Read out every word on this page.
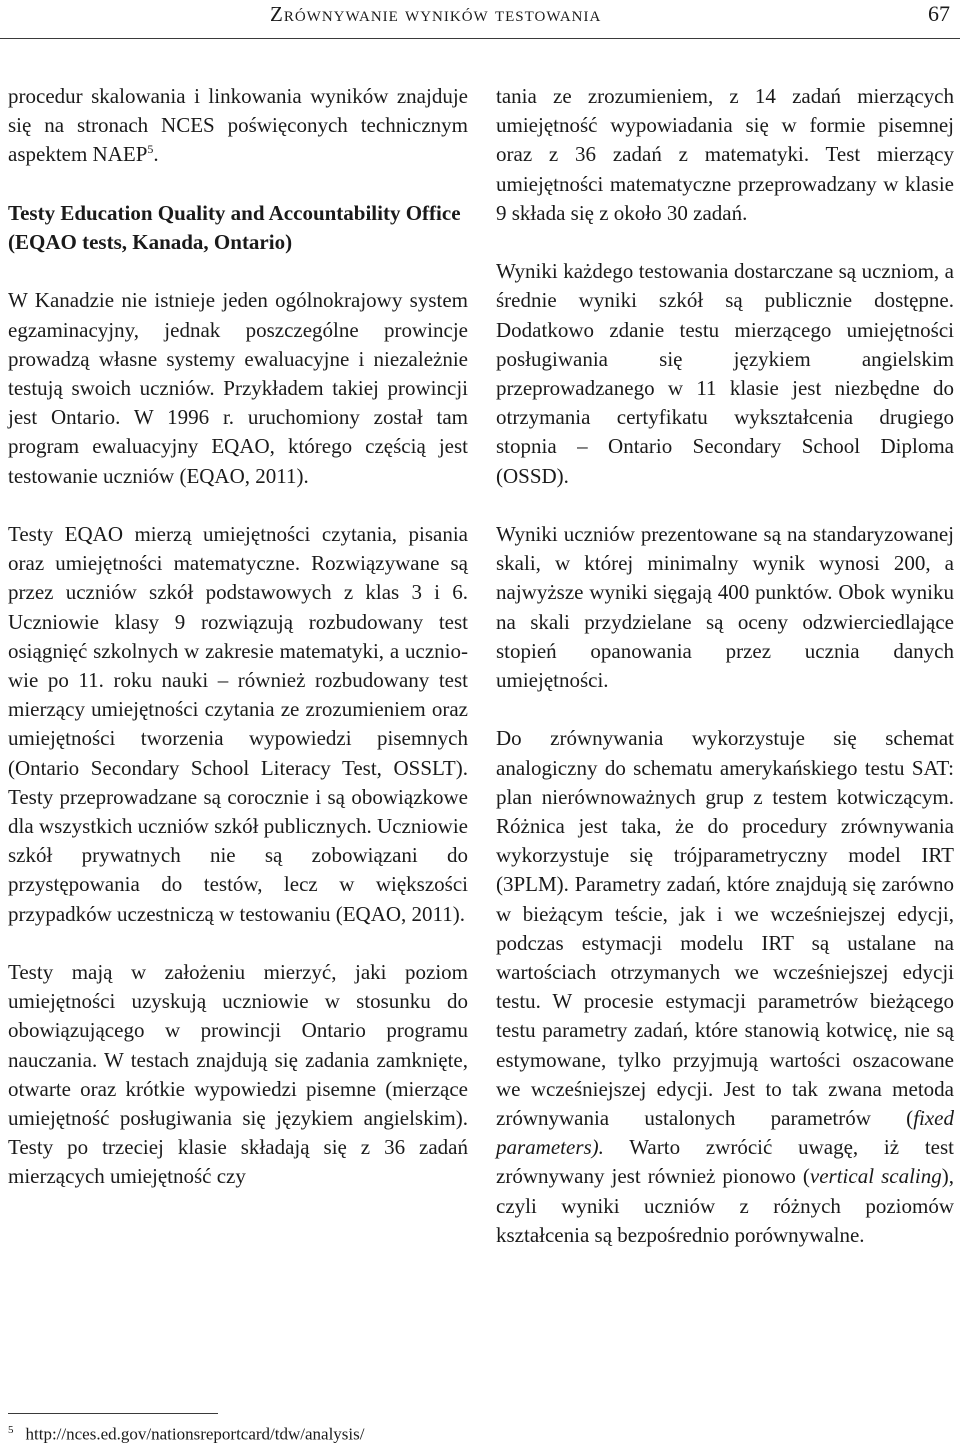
Zrównywanie wyników testowania	67

procedur skalowania i linkowania wyników znajduje się na stronach NCES poświęconych technicznym aspektem NAEP$^5$.

Testy Education Quality and Accountability Office (EQAO tests, Kanada, Ontario)

W Kanadzie nie istnieje jeden ogólnokrajowy system egzaminacyjny, jednak poszczególne prowincje prowadzą własne systemy ewaluacyjne i niezależnie testują swoich uczniów. Przykładem takiej prowincji jest Ontario. W 1996 r. uruchomiony został tam program ewaluacyjny EQAO, którego częścią jest testowanie uczniów (EQAO, 2011).

Testy EQAO mierzą umiejętności czytania, pisania oraz umiejętności matematyczne. Rozwiązywane są przez uczniów szkół podstawowych z klas 3 i 6. Uczniowie klasy 9 rozwiązują rozbudowany test osiągnięć szkolnych w zakresie matematyki, a uczniowie po 11. roku nauki – również rozbudowany test mierzący umiejętności czytania ze zrozumieniem oraz umiejętności tworzenia wypowiedzi pisemnych (Ontario Secondary School Literacy Test, OSSLT). Testy przeprowadzane są corocznie i są obowiązkowe dla wszystkich uczniów szkół publicznych. Uczniowie szkół prywatnych nie są zobowiązani do przystępowania do testów, lecz w większości przypadków uczestniczą w testowaniu (EQAO, 2011).

Testy mają w założeniu mierzyć, jaki poziom umiejętności uzyskują uczniowie w stosunku do obowiązującego w prowincji Ontario programu nauczania. W testach znajdują się zadania zamknięte, otwarte oraz krótkie wypowiedzi pisemne (mierzące umiejętność posługiwania się językiem angielskim). Testy po trzeciej klasie składają się z 36 zadań mierzących umiejętność czy

tania ze zrozumieniem, z 14 zadań mierzących umiejętność wypowiadania się w formie pisemnej oraz z 36 zadań z matematyki. Test mierzący umiejętności matematyczne przeprowadzany w klasie 9 składa się z około 30 zadań.

Wyniki każdego testowania dostarczane są uczniom, a średnie wyniki szkół są publicznie dostępne. Dodatkowo zdanie testu mierzącego umiejętności posługiwania się językiem angielskim przeprowadzanego w 11 klasie jest niezbędne do otrzymania certyfikatu wykształcenia drugiego stopnia – Ontario Secondary School Diploma (OSSD).

Wyniki uczniów prezentowane są na standaryzowanej skali, w której minimalny wynik wynosi 200, a najwyższe wyniki sięgają 400 punktów. Obok wyniku na skali przydzielane są oceny odzwierciedlające stopień opanowania przez ucznia danych umiejętności.

Do zrównywania wykorzystuje się schemat analogiczny do schematu amerykańskiego testu SAT: plan nierównoważnych grup z testem kotwiczącym. Różnica jest taka, że do procedury zrównywania wykorzystuje się trójparametryczny model IRT (3PLM). Parametry zadań, które znajdują się zarówno w bieżącym teście, jak i we wcześniejszej edycji, podczas estymacji modelu IRT są ustalane na wartościach otrzymanych we wcześniejszej edycji testu. W procesie estymacji parametrów bieżącego testu parametry zadań, które stanowią kotwicę, nie są estymowane, tylko przyjmują wartości oszacowane we wcześniejszej edycji. Jest to tak zwana metoda zrównywania ustalonych parametrów (fixed parameters). Warto zwrócić uwagę, iż test zrównywany jest również pionowo (vertical scaling), czyli wyniki uczniów z różnych poziomów kształcenia są bezpośrednio porównywalne.

$^5$ http://nces.ed.gov/nationsreportcard/tdw/analysis/
